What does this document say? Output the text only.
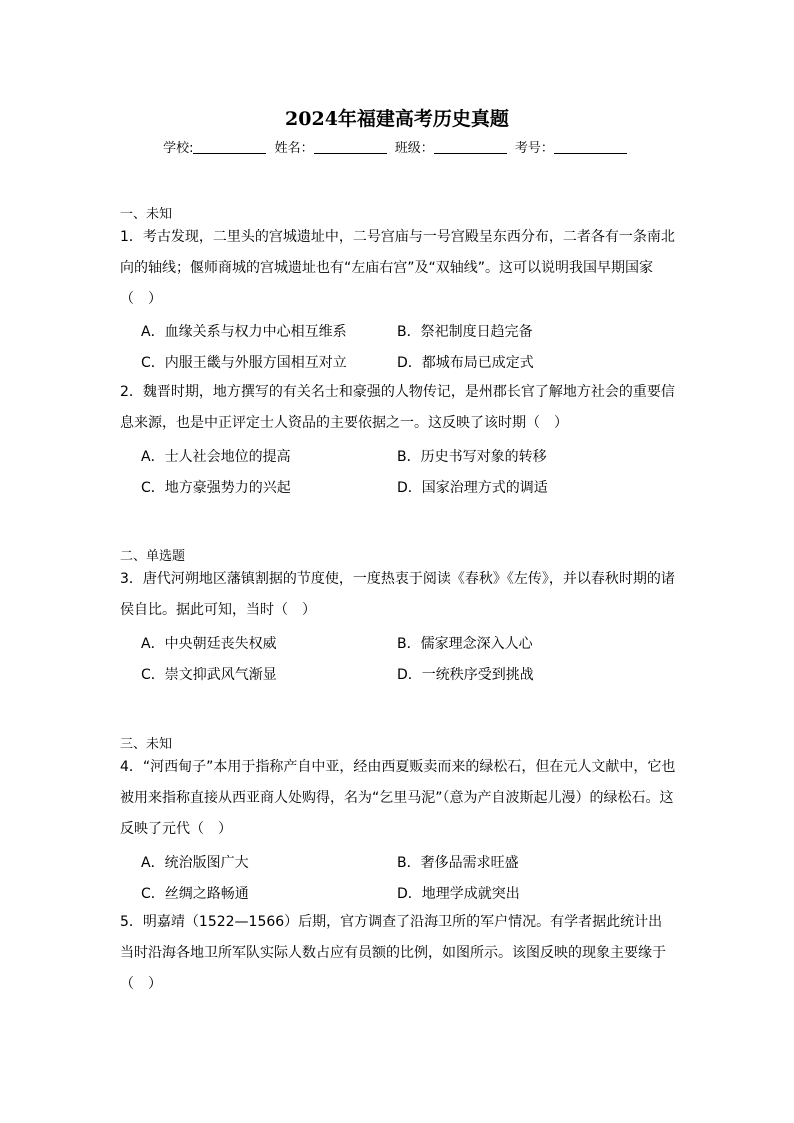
2024年福建高考历史真题
学校:	姓名：	班级：	考号：
一、未知

1．考古发现，二里头的宫城遗址中，二号宫庙与一号宫殿呈东西分布，二者各有一条南北向的轴线；偃师商城的宫城遗址也有“左庙右宫”及“双轴线”。这可以说明我国早期国家（　）

A．血缘关系与权力中心相互维系	B．祭祀制度日趋完备
C．内服王畿与外服方国相互对立	D．都城布局已成定式

2．魏晋时期，地方撰写的有关名士和豪强的人物传记，是州郡长官了解地方社会的重要信息来源，也是中正评定士人资品的主要依据之一。这反映了该时期（　）

A．士人社会地位的提高	B．历史书写对象的转移
C．地方豪强势力的兴起	D．国家治理方式的调适
二、单选题

3．唐代河朔地区藩镇割据的节度使，一度热衷于阅读《春秋》《左传》，并以春秋时期的诸侯自比。据此可知，当时（　）

A．中央朝廷丧失权威	B．儒家理念深入人心
C．崇文抑武风气渐显	D．一统秩序受到挑战
三、未知

4．“河西甸子”本用于指称产自中亚，经由西夏贩卖而来的绿松石，但在元人文献中，它也被用来指称直接从西亚商人处购得，名为“乞里马泥”（意为产自波斯起儿漫）的绿松石。这反映了元代（　）

A．统治版图广大	B．奢侈品需求旺盛
C．丝绸之路畅通	D．地理学成就突出

5．明嘉靖（1522—1566）后期，官方调查了沿海卫所的军户情况。有学者据此统计出当时沿海各地卫所军队实际人数占应有员额的比例，如图所示。该图反映的现象主要缘于（　）
